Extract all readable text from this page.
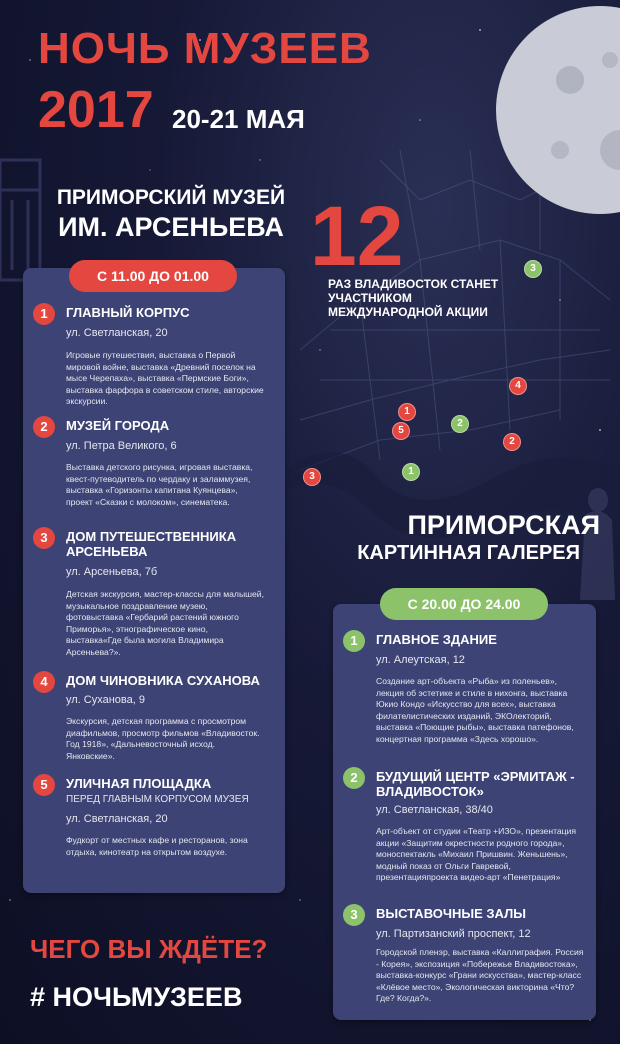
НОЧЬ МУЗЕЕВ
2017 20-21 МАЯ
ПРИМОРСКИЙ МУЗЕЙ
ИМ. АРСЕНЬЕВА 12
РАЗ ВЛАДИВОСТОК СТАНЕТ УЧАСТНИКОМ МЕЖДУНАРОДНОЙ АКЦИИ
1
2
3
4
5
1
2
3
С 11.00 ДО 01.00
1	ГЛАВНЫЙ КОРПУС
ул. Светланская, 20
Игровые путешествия, выставка о Первой мировой войне, выставка «Древний поселок на мысе Черепаха», выставка «Пермские Боги», выставка фарфора в советском стиле, авторские экскурсии.
2	МУЗЕЙ ГОРОДА
ул. Петра Великого, 6
Выставка детского рисунка, игровая выставка, квест-путеводитель по чердаку и заламмузея, выставка «Горизонты капитана Куянцева», проект «Сказки с молоком», синематека.
3	ДОМ ПУТЕШЕСТВЕННИКА АРСЕНЬЕВА
ул. Арсеньева, 7б
Детская экскурсия, мастер-классы для малышей, музыкальное поздравление музею, фотовыставка «Гербарий растений южного Приморья», этнографическое кино, выставка«Где была могила Владимира Арсеньева?».
4	ДОМ ЧИНОВНИКА СУХАНОВА
ул. Суханова, 9
Экскурсия, детская программа с просмотром диафильмов, просмотр фильмов «Владивосток. Год 1918», «Дальневосточный исход. Янковские».
5	УЛИЧНАЯ ПЛОЩАДКА
ПЕРЕД ГЛАВНЫМ КОРПУСОМ МУЗЕЯ
ул. Светланская, 20
Фудкорт от местных кафе и ресторанов, зона отдыха, кинотеатр на открытом воздухе.
ПРИМОРСКАЯ
КАРТИННАЯ ГАЛЕРЕЯ
С 20.00 ДО 24.00
1	ГЛАВНОЕ ЗДАНИЕ
ул. Алеутская, 12
Создание арт-объекта «Рыба» из поленьев», лекция об эстетике и стиле в нихонга, выставка Юкио Кондо «Искусство для всех», выставка филателистических изданий, ЭКОлекторий, выставка «Поющие рыбы», выставка патефонов, концертная программа «Здесь хорошо».
2	БУДУЩИЙ ЦЕНТР «ЭРМИТАЖ - ВЛАДИВОСТОК»
ул. Светланская, 38/40
Арт-объект от студии «Театр +ИЗО», презентация акции «Защитим окрестности родного города», моноспектакль «Михаил Пришвин. Женьшень», модный показ от Ольги Гавревой, презентацияпроекта видео-арт «Пенетрация»
3	ВЫСТАВОЧНЫЕ ЗАЛЫ
ул. Партизанский проспект, 12
Городской пленэр, выставка «Каллиграфия. Россия - Корея», экспозиция «Побережье Владивостока», выставка-конкурс «Грани искусства», мастер-класс «Клёвое место», Экологическая викторина «Что? Где? Когда?».
ЧЕГО ВЫ ЖДЁТЕ?
# НОЧЬМУЗЕЕВ
